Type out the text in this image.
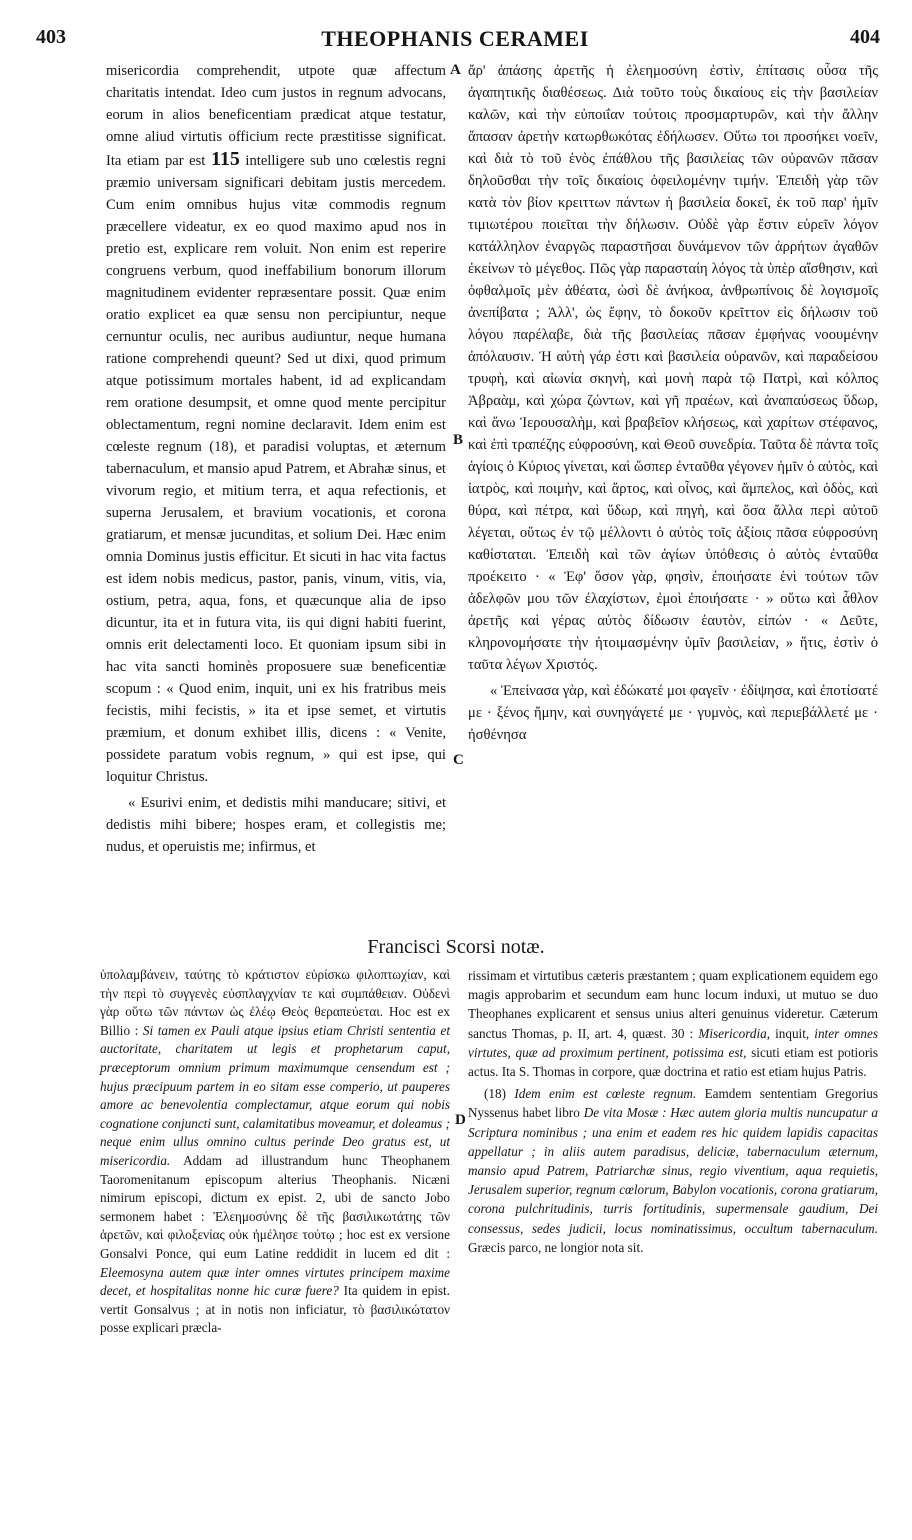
403	THEOPHANIS CERAMEI	404

misericordia comprehendit, utpote quæ affectum charitatis intendat. Ideo cum justos in regnum advocans, eorum in alios beneficentiam prædicat atque testatur, omne aliud virtutis officium recte præstitisse significat. Ita etiam par est 115 intelligere sub uno cœlestis regni præmio universam significari debitam justis mercedem. Cum enim omnibus hujus vitæ commodis regnum præcellere videatur, ex eo quod maximo apud nos in pretio est, explicare rem voluit. Non enim est reperire congruens verbum, quod ineffabilium bonorum illorum magnitudinem evidenter repræsentare possit. Quæ enim oratio explicet ea quæ sensu non percipiuntur, neque cernuntur oculis, nec auribus audiuntur, neque humana ratione comprehendi queunt? Sed ut dixi, quod primum atque potissimum mortales habent, id ad explicandam rem oratione desumpsit, et omne quod mente percipitur oblectamentum, regni nomine declaravit. Idem enim est cœleste regnum (18), et paradisi voluptas, et æternum tabernaculum, et mansio apud Patrem, et Abrahæ sinus, et vivorum regio, et mitium terra, et aqua refectionis, et superna Jerusalem, et bravium vocationis, et corona gratiarum, et mensæ jucunditas, et solium Dei. Hæc enim omnia Dominus justis efficitur. Et sicuti in hac vita factus est idem nobis medicus, pastor, panis, vinum, vitis, via, ostium, petra, aqua, fons, et quæcunque alia de ipso dicuntur, ita et in futura vita, iis qui digni habiti fuerint, omnis erit delectamenti loco. Et quoniam ipsum sibi in hac vita sancti hominès proposuere suæ beneficentiæ scopum : « Quod enim, inquit, uni ex his fratribus meis fecistis, mihi fecistis, » ita et ipse semet, et virtutis præmium, et donum exhibet illis, dicens : « Venite, possidete paratum vobis regnum, » qui est ipse, qui loquitur Christus.

« Esurivi enim, et dedistis mihi manducare; sitivi, et dedistis mihi bibere; hospes eram, et collegistis me; nudus, et operuistis me; infirmus, et

A
B
C
D

ἄρ' ἁπάσης ἀρετῆς ἡ ἐλεημοσύνη ἐστὶν, ἐπίτασις οὖσα τῆς ἀγαπητικῆς διαθέσεως. Διὰ τοῦτο τοὺς δικαίους εἰς τὴν βασιλείαν καλῶν, καὶ τὴν εὐποιΐαν τούτοις προσμαρτυρῶν, καὶ τὴν ἄλλην ἅπασαν ἀρετὴν κατωρθωκότας ἐδήλωσεν. Οὕτω τοι προσήκει νοεῖν, καὶ διὰ τὸ τοῦ ἑνὸς ἐπάθλου τῆς βασιλείας τῶν οὐρανῶν πᾶσαν δηλοῦσθαι τὴν τοῖς δικαίοις ὀφειλομένην τιμήν. Ἐπειδὴ γὰρ τῶν κατὰ τὸν βίον κρειττων πάντων ἡ βασιλεία δοκεῖ, ἐκ τοῦ παρ' ἡμῖν τιμιωτέρου ποιεῖται τὴν δήλωσιν. Οὐδὲ γὰρ ἔστιν εὑρεῖν λόγον κατάλληλον ἐναργῶς παραστῆσαι δυνάμενον τῶν ἀρρήτων ἀγαθῶν ἐκείνων τὸ μέγεθος. Πῶς γὰρ παρασταίη λόγος τὰ ὑπὲρ αἴσθησιν, καὶ ὀφθαλμοῖς μὲν ἀθέατα, ὠσὶ δὲ ἀνήκοα, ἀνθρωπίνοις δὲ λογισμοῖς ἀνεπίβατα ; Ἀλλ', ὡς ἔφην, τὸ δοκοῦν κρεῖττον εἰς δήλωσιν τοῦ λόγου παρέλαβε, διὰ τῆς βασιλείας πᾶσαν ἐμφήνας νοουμένην ἀπόλαυσιν. Ἡ αὐτὴ γάρ ἐστι καὶ βασιλεία οὐρανῶν, καὶ παραδείσου τρυφὴ, καὶ αἰωνία σκηνὴ, καὶ μονὴ παρὰ τῷ Πατρὶ, καὶ κόλπος Ἀβραὰμ, καὶ χώρα ζώντων, καὶ γῆ πραέων, καὶ ἀναπαύσεως ὕδωρ, καὶ ἄνω Ἱερουσαλὴμ, καὶ βραβεῖον κλήσεως, καὶ χαρίτων στέφανος, καὶ ἐπὶ τραπέζης εὐφροσύνη, καὶ Θεοῦ συνεδρία. Ταῦτα δὲ πάντα τοῖς ἁγίοις ὁ Κύριος γίνεται, καὶ ὥσπερ ἐνταῦθα γέγονεν ἡμῖν ὁ αὐτὸς, καὶ ἰατρὸς, καὶ ποιμὴν, καὶ ἄρτος, καὶ οἶνος, καὶ ἄμπελος, καὶ ὁδὸς, καὶ θύρα, καὶ πέτρα, καὶ ὕδωρ, καὶ πηγὴ, καὶ ὅσα ἄλλα περὶ αὐτοῦ λέγεται, οὕτως ἐν τῷ μέλλοντι ὁ αὐτὸς τοῖς ἀξίοις πᾶσα εὐφροσύνη καθίσταται. Ἐπειδὴ καὶ τῶν ἁγίων ὑπόθεσις ὁ αὐτὸς ἐνταῦθα προέκειτο · « Ἐφ' ὅσον γὰρ, φησὶν, ἐποιήσατε ἑνὶ τούτων τῶν ἀδελφῶν μου τῶν ἐλαχίστων, ἐμοὶ ἐποιήσατε · » οὕτω καὶ ἆθλον ἀρετῆς καὶ γέρας αὐτὸς δίδωσιν ἑαυτὸν, εἰπών · « Δεῦτε, κληρονομήσατε τὴν ἡτοιμασμένην ὑμῖν βασιλείαν, » ἥτις, ἐστὶν ὁ ταῦτα λέγων Χριστός.

« Ἐπείνασα γὰρ, καὶ ἐδώκατέ μοι φαγεῖν · ἐδίψησα, καὶ ἐποτίσατέ με · ξένος ἤμην, καὶ συνηγάγετέ με · γυμνὸς, καὶ περιεβάλλετέ με · ἠσθένησα

Francisci Scorsi notæ.

ὑπολαμβάνειν, ταύτης τὸ κράτιστον εὑρίσκω φιλοπτωχίαν, καὶ τὴν περὶ τὸ συγγενὲς εὐσπλαγχνίαν τε καὶ συμπάθειαν. Οὐδενὶ γὰρ οὕτω τῶν πάντων ὡς ἐλέῳ Θεὸς θεραπεύεται. Hoc est ex Billio : Si tamen ex Pauli atque ipsius etiam Christi sententia et auctoritate, charitatem ut legis et prophetarum caput, præceptorum omnium primum maximumque censendum est ; hujus præcipuum partem in eo sitam esse comperio, ut pauperes amore ac benevolentia complectamur, atque eorum qui nobis cognatione conjuncti sunt, calamitatibus moveamur, et doleamus ; neque enim ullus omnino cultus perinde Deo gratus est, ut misericordia. Addam ad illustrandum hunc Theophanem Taoromenitanum episcopum alterius Theophanis. Nicæni nimirum episcopi, dictum ex epist. 2, ubi de sancto Jobo sermonem habet : Ἐλεημοσύνης δὲ τῆς βασιλικωτάτης τῶν ἀρετῶν, καὶ φιλοξενίας οὐκ ἠμέλησε τούτῳ ; hoc est ex versione Gonsalvi Ponce, qui eum Latine reddidit in lucem ed dit : Eleemosyna autem quæ inter omnes virtutes principem maxime decet, et hospitalitas nonne hic curæ fuere? Ita quidem in epist. vertit Gonsalvus ; at in notis non inficiatur, τὸ βασιλικώτατον posse explicari præcla-

rissimam et virtutibus cæteris præstantem ; quam explicationem equidem ego magis approbarim et secundum eam hunc locum induxi, ut mutuo se duo Theophanes explicarent et sensus unius alteri genuinus videretur. Cæterum sanctus Thomas, p. II, art. 4, quæst. 30 : Misericordia, inquit, inter omnes virtutes, quæ ad proximum pertinent, potissima est, sicuti etiam est potioris actus. Ita S. Thomas in corpore, quæ doctrina et ratio est etiam hujus Patris.

(18) Idem enim est cœleste regnum. Eamdem sententiam Gregorius Nyssenus habet libro De vita Mosæ : Hæc autem gloria multis nuncupatur a Scriptura nominibus ; una enim et eadem res hic quidem lapidis capacitas appellatur ; in aliis autem paradisus, deliciæ, tabernaculum æternum, mansio apud Patrem, Patriarchæ sinus, regio viventium, aqua requietis, Jerusalem superior, regnum cœlorum, Babylon vocationis, corona gratiarum, corona pulchritudinis, turris fortitudinis, supermensale gaudium, Dei consessus, sedes judicii, locus nominatissimus, occultum tabernaculum. Græcis parco, ne longior nota sit.
